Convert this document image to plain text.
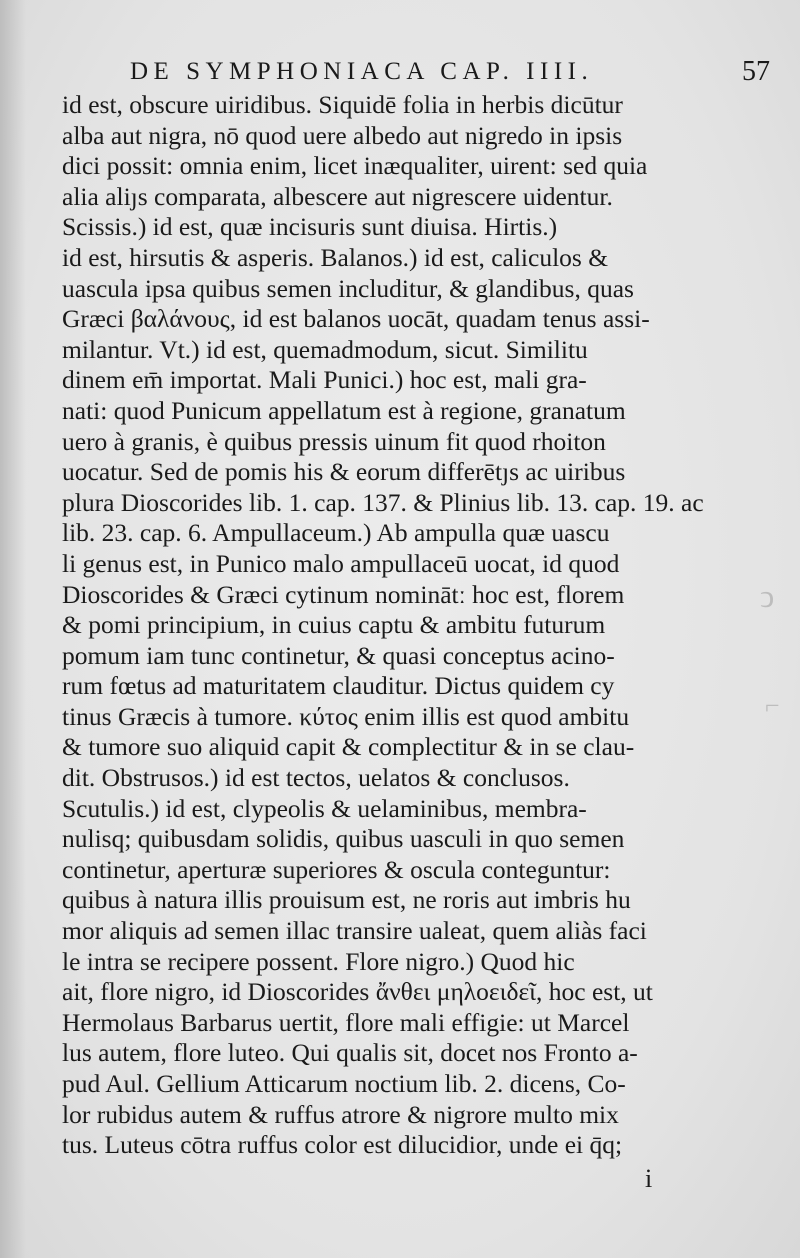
DE SYMPHONIACA CAP. IIII.	57
id est, obscure uiridibus. Siquidē folia in herbis dicūtur
alba aut nigra, nō quod uere albedo aut nigredo in ipsis
dici possit: omnia enim, licet inæqualiter, uirent: sed quia
alia aliȷs comparata, albescere aut nigrescere uidentur.
Scissis.) id est, quæ incisuris sunt diuisa. Hirtis.)
id est, hirsutis & asperis. Balanos.) id est, caliculos &
uascula ipsa quibus semen includitur, & glandibus, quas
Græci βαλάνους, id est balanos uocāt, quadam tenus assi-
milantur. Vt.) id est, quemadmodum, sicut. Similitu
dinem em̄ importat. Mali Punici.) hoc est, mali gra-
nati: quod Punicum appellatum est à regione, granatum
uero à granis, è quibus pressis uinum fit quod rhoiton
uocatur. Sed de pomis his & eorum differētȷs ac uiribus
plura Dioscorides lib. 1. cap. 137. & Plinius lib. 13. cap. 19. ac
lib. 23. cap. 6. Ampullaceum.) Ab ampulla quæ uascu
li genus est, in Punico malo ampullaceū uocat, id quod
Dioscorides & Græci cytinum nominātː hoc est, florem
& pomi principium, in cuius captu & ambitu futurum
pomum iam tunc continetur, & quasi conceptus acino-
rum fœtus ad maturitatem clauditur. Dictus quidem cy
tinus Græcis à tumore. κύτος enim illis est quod ambitu
& tumore suo aliquid capit & complectitur & in se clau-
dit. Obstrusos.) id est tectos, uelatos & conclusos.
Scutulis.) id est, clypeolis & uelaminibus, membra-
nulisq; quibusdam solidis, quibus uasculi in quo semen
continetur, aperturæ superiores & oscula conteguntur:
quibus à natura illis prouisum est, ne roris aut imbris hu
mor aliquis ad semen illac transire ualeat, quem aliàs faci
le intra se recipere possent. Flore nigro.) Quod hic
ait, flore nigro, id Dioscorides ἄνθει μηλοειδεῖ, hoc est, ut
Hermolaus Barbarus uertit, flore mali effigie: ut Marcel
lus autem, flore luteo. Qui qualis sit, docet nos Fronto a-
pud Aul. Gellium Atticarum noctium lib. 2. dicens, Co-
lor rubidus autem & ruffus atrore & nigrore multo mix
tus. Luteus cōtra ruffus color est dilucidior, unde ei q̄q;
i
ↄ
⌐
